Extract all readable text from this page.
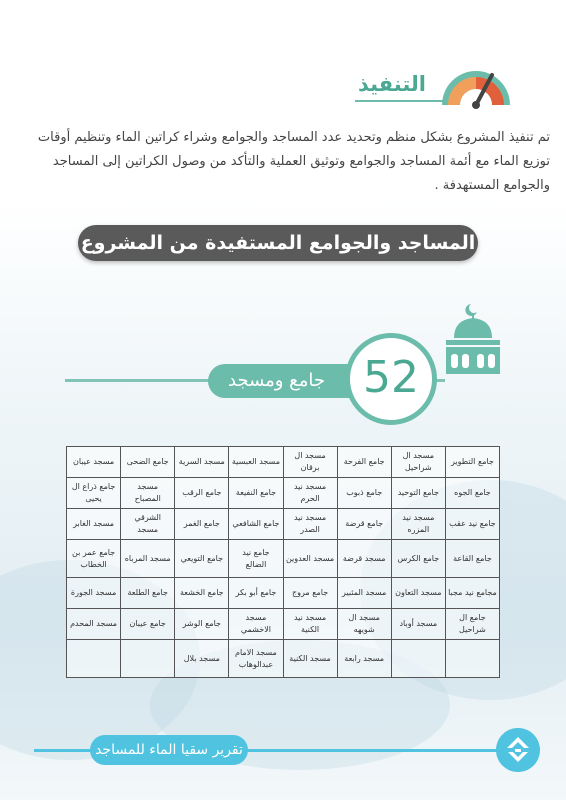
التنفيذ
تم تنفيذ المشروع بشكل منظم وتحديد عدد المساجد والجوامع وشراء كراتين الماء وتنظيم أوقات توزيع الماء مع أئمة المساجد والجوامع وتوثيق العملية والتأكد من وصول الكراتين إلى المساجد والجوامع المستهدفة .
المساجد والجوامع المستفيدة من المشروع
جامع ومسجد 52
جامع التطوير	مسجد ال شراحيل	جامع الفرحة	مسجد ال برقان	مسجد العبسية	مسجد السرية	جامع الضحى	مسجد عيبان
جامع الجوه	جامع التوحيد	جامع ذبوب	مسجد نيد الحرم	جامع النفيعة	جامع الرقب	مسجد المصباح	جامع ذراع ال يحيى
جامع نيد عقب	مسجد نيد المزره	جامع قرضة	مسجد نيد الصدر	جامع الشافعي	جامع الغمر	الشرقي مسجد	مسجد الغابر
جامع القاعة	جامع الكرس	مسجد قرضة	مسجد العدوين	جامع نيد الضالع	جامع التويعي	مسجد المرباه	جامع عمر بن الخطاب
مجامع نيد مجبا	مسجد التعاون	مسجد المثبير	جامع مروج	جامع أبو بكر	جامع الخشعة	جامع الطلعة	مسجد الجورة
جامع ال شراحيل	مسجد أوباد	مسجد ال شويهه	مسجد نيد الكنية	مسجد الاخشمي	جامع الوشر	جامع عيبان	مسجد المحدم
		مسجد رابعة	مسجد الكنية	مسجد الامام عبدالوهاب	مسجد بلال		
تقرير سقيا الماء للمساجد
